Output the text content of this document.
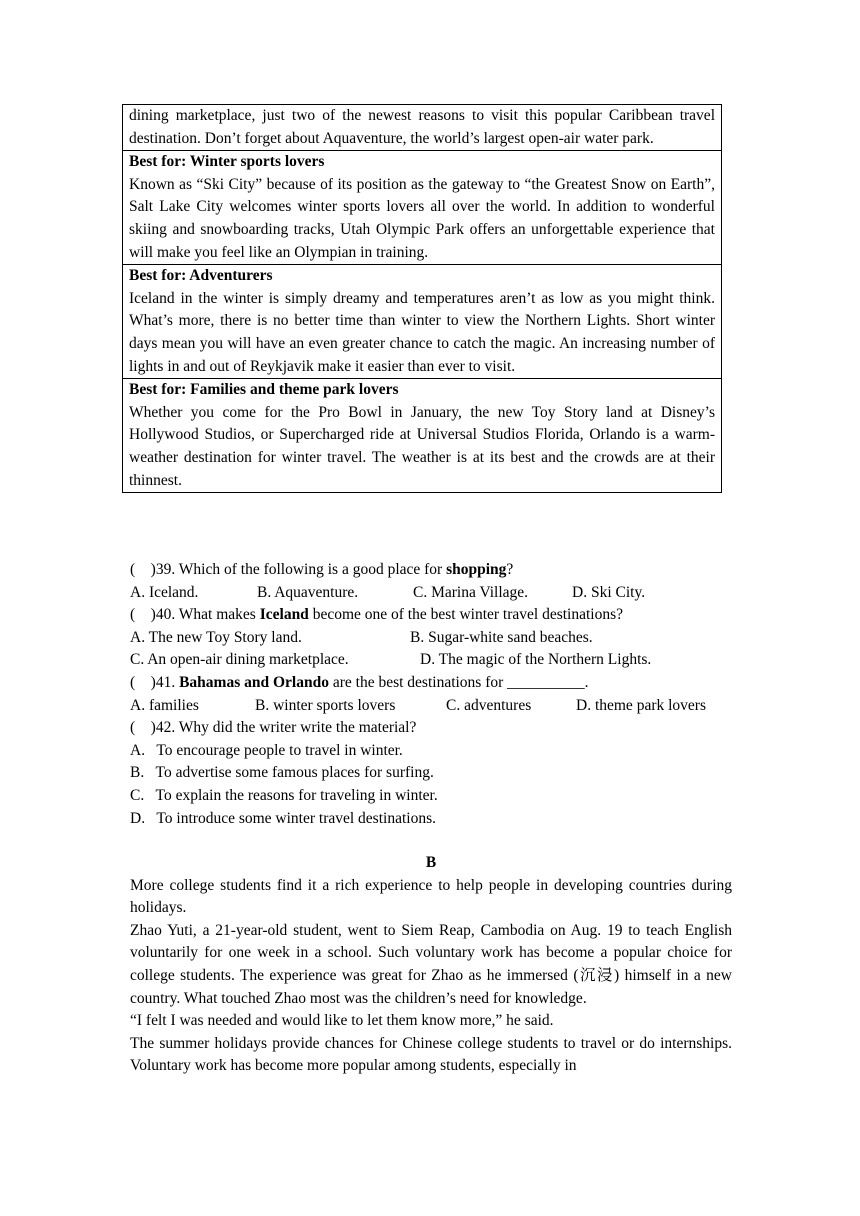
dining marketplace, just two of the newest reasons to visit this popular Caribbean travel destination. Don’t forget about Aquaventure, the world’s largest open-air water park.

Best for: Winter sports lovers
Known as “Ski City” because of its position as the gateway to “the Greatest Snow on Earth”, Salt Lake City welcomes winter sports lovers all over the world. In addition to wonderful skiing and snowboarding tracks, Utah Olympic Park offers an unforgettable experience that will make you feel like an Olympian in training.

Best for: Adventurers
Iceland in the winter is simply dreamy and temperatures aren’t as low as you might think. What’s more, there is no better time than winter to view the Northern Lights. Short winter days mean you will have an even greater chance to catch the magic. An increasing number of lights in and out of Reykjavik make it easier than ever to visit.

Best for: Families and theme park lovers
Whether you come for the Pro Bowl in January, the new Toy Story land at Disney’s Hollywood Studios, or Supercharged ride at Universal Studios Florida, Orlando is a warm-weather destination for winter travel. The weather is at its best and the crowds are at their thinnest.
(    )39. Which of the following is a good place for shopping?

A. Iceland.

	B. Aquaventure.

	C. Marina Village.

	D. Ski City.

(    )40. What makes Iceland become one of the best winter travel destinations?

A. The new Toy Story land.

	B. Sugar-white sand beaches.

C. An open-air dining marketplace.

	D. The magic of the Northern Lights.

(    )41. Bahamas and Orlando are the best destinations for __________.

A. families

	B. winter sports lovers

	C. adventures

	D. theme park lovers

(    )42. Why did the writer write the material?
A.   To encourage people to travel in winter.
B.   To advertise some famous places for surfing.
C.   To explain the reasons for traveling in winter.
D.   To introduce some winter travel destinations.
B

More college students find it a rich experience to help people in developing countries during holidays.

Zhao Yuti, a 21-year-old student, went to Siem Reap, Cambodia on Aug. 19 to teach English voluntarily for one week in a school. Such voluntary work has become a popular choice for college students. The experience was great for Zhao as he immersed (沉浸) himself in a new country. What touched Zhao most was the children’s need for knowledge.

“I felt I was needed and would like to let them know more,” he said.

The summer holidays provide chances for Chinese college students to travel or do internships. Voluntary work has become more popular among students, especially in
